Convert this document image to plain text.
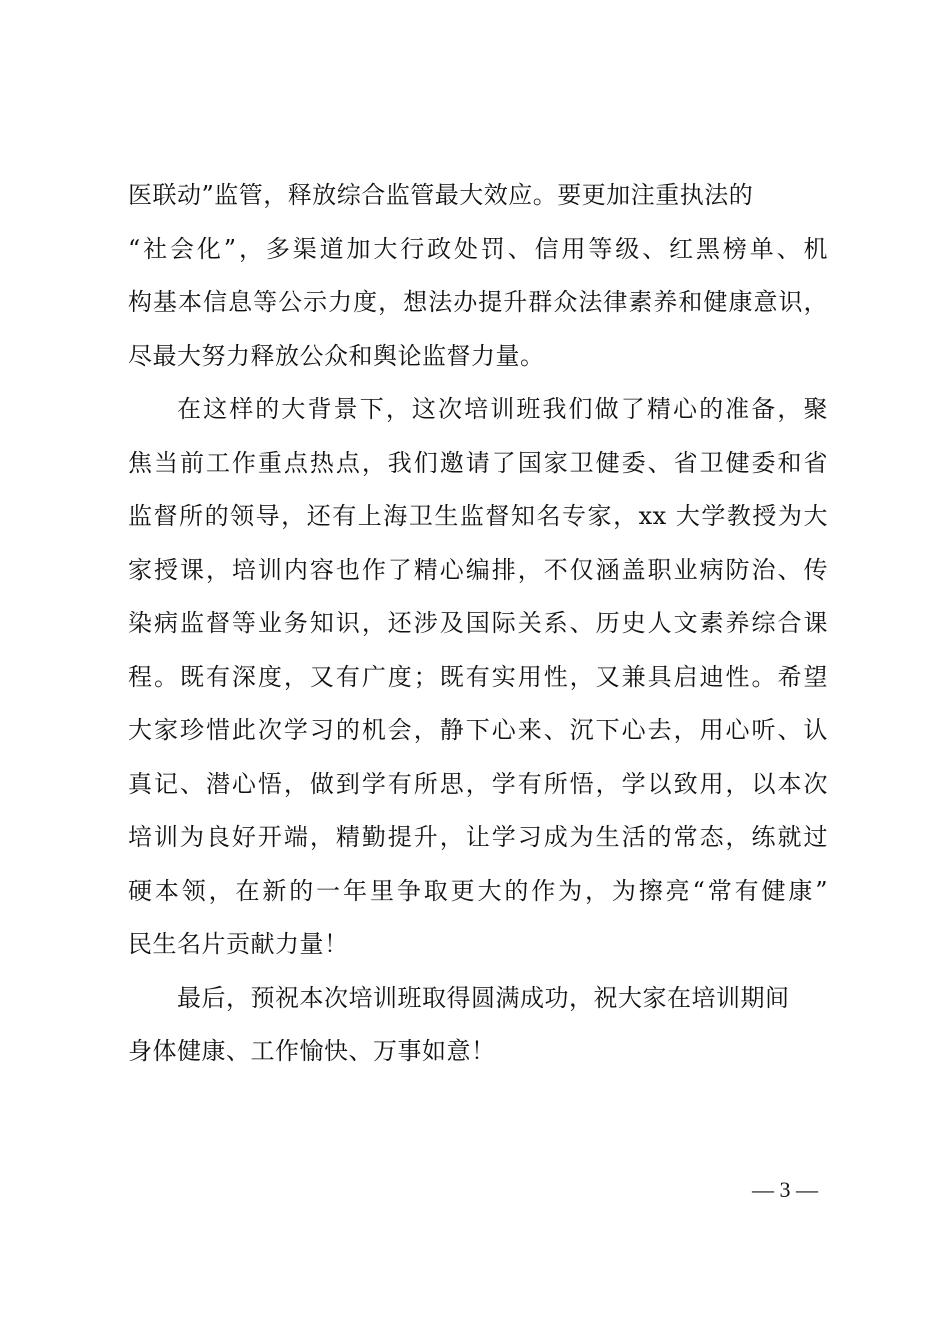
医联动”监管，释放综合监管最大效应。要更加注重执法的
“社会化”，多渠道加大行政处罚、信用等级、红黑榜单、机
构基本信息等公示力度，想法办提升群众法律素养和健康意识，
尽最大努力释放公众和舆论监督力量。
在这样的大背景下，这次培训班我们做了精心的准备，聚
焦当前工作重点热点，我们邀请了国家卫健委、省卫健委和省
监督所的领导，还有上海卫生监督知名专家，xx 大学教授为大
家授课，培训内容也作了精心编排，不仅涵盖职业病防治、传
染病监督等业务知识，还涉及国际关系、历史人文素养综合课
程。既有深度，又有广度；既有实用性，又兼具启迪性。希望
大家珍惜此次学习的机会，静下心来、沉下心去，用心听、认
真记、潜心悟，做到学有所思，学有所悟，学以致用，以本次
培训为良好开端，精勤提升，让学习成为生活的常态，练就过
硬本领，在新的一年里争取更大的作为，为擦亮“常有健康”
民生名片贡献力量！
最后，预祝本次培训班取得圆满成功，祝大家在培训期间
身体健康、工作愉快、万事如意！
— 3 —
